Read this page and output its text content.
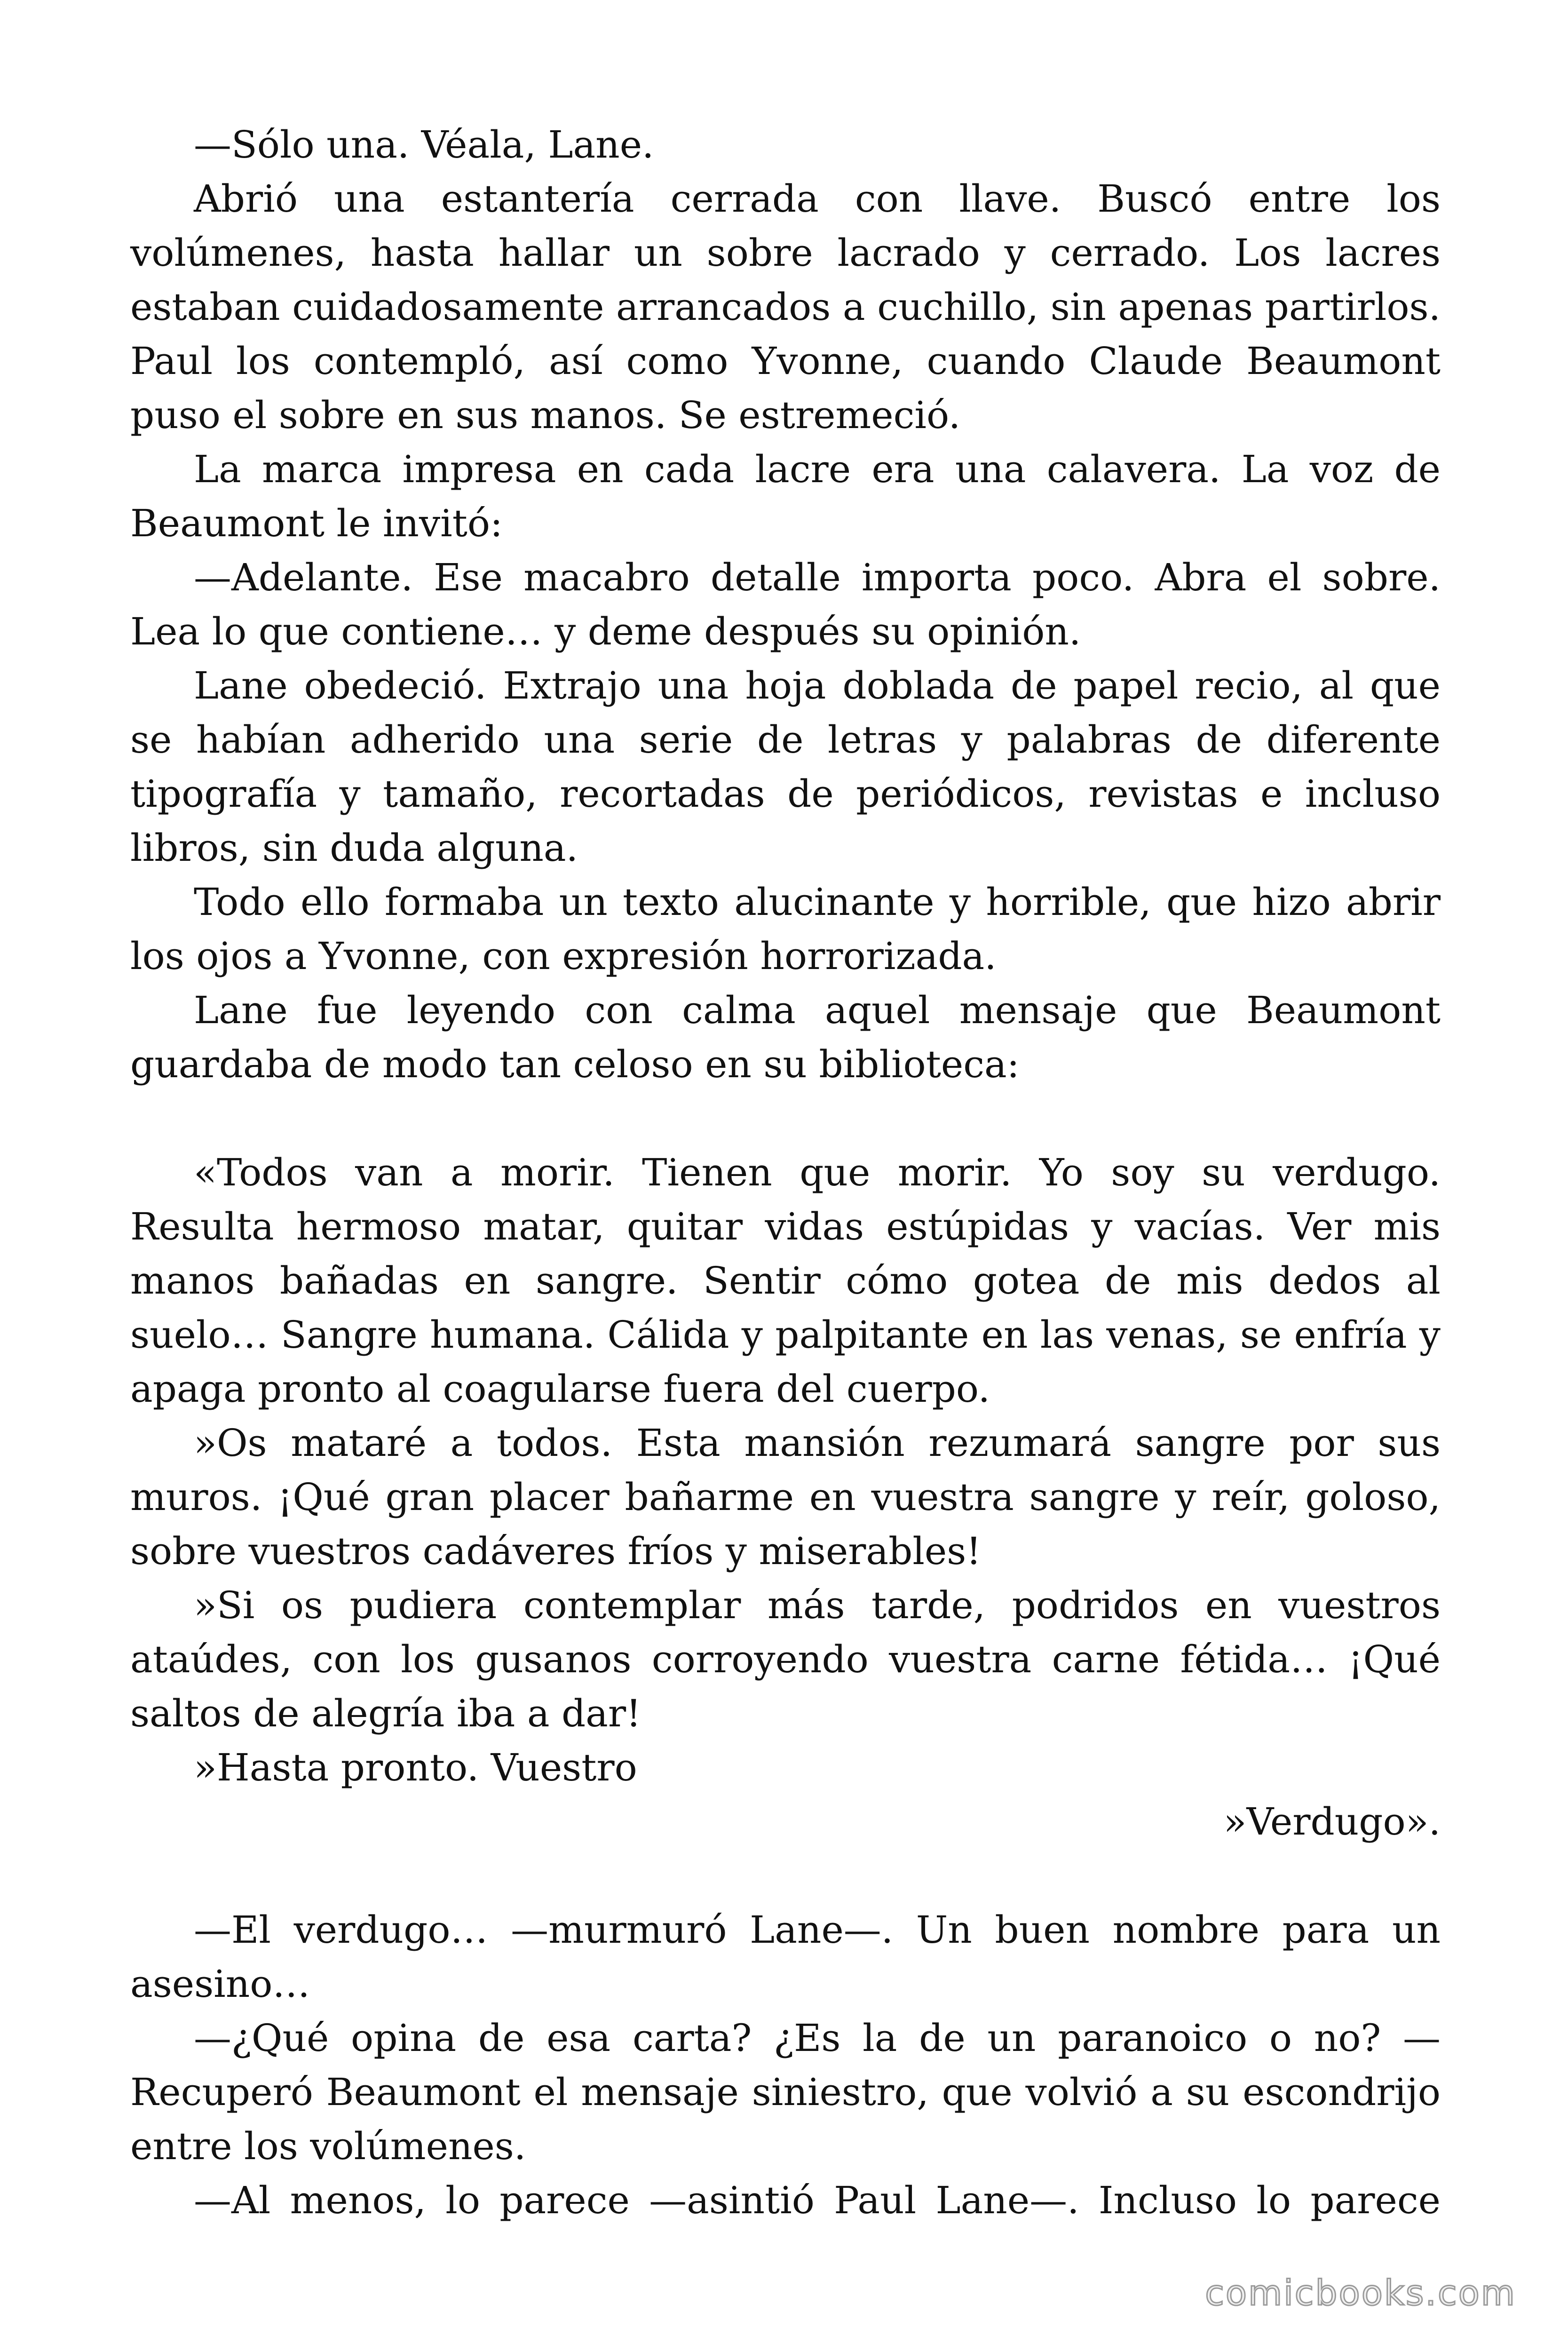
—Sólo una. Véala, Lane.
Abrió una estantería cerrada con llave. Buscó entre los
volúmenes, hasta hallar un sobre lacrado y cerrado. Los lacres
estaban cuidadosamente arrancados a cuchillo, sin apenas partirlos.
Paul los contempló, así como Yvonne, cuando Claude Beaumont
puso el sobre en sus manos. Se estremeció.
La marca impresa en cada lacre era una calavera. La voz de
Beaumont le invitó:
—Adelante. Ese macabro detalle importa poco. Abra el sobre.
Lea lo que contiene… y deme después su opinión.
Lane obedeció. Extrajo una hoja doblada de papel recio, al que
se habían adherido una serie de letras y palabras de diferente
tipografía y tamaño, recortadas de periódicos, revistas e incluso
libros, sin duda alguna.
Todo ello formaba un texto alucinante y horrible, que hizo abrir
los ojos a Yvonne, con expresión horrorizada.
Lane fue leyendo con calma aquel mensaje que Beaumont
guardaba de modo tan celoso en su biblioteca:
«Todos van a morir. Tienen que morir. Yo soy su verdugo.
Resulta hermoso matar, quitar vidas estúpidas y vacías. Ver mis
manos bañadas en sangre. Sentir cómo gotea de mis dedos al
suelo… Sangre humana. Cálida y palpitante en las venas, se enfría y
apaga pronto al coagularse fuera del cuerpo.
»Os mataré a todos. Esta mansión rezumará sangre por sus
muros. ¡Qué gran placer bañarme en vuestra sangre y reír, goloso,
sobre vuestros cadáveres fríos y miserables!
»Si os pudiera contemplar más tarde, podridos en vuestros
ataúdes, con los gusanos corroyendo vuestra carne fétida… ¡Qué
saltos de alegría iba a dar!
»Hasta pronto. Vuestro
»Verdugo».
—El verdugo… —murmuró Lane—. Un buen nombre para un
asesino…
—¿Qué opina de esa carta? ¿Es la de un paranoico o no? —
Recuperó Beaumont el mensaje siniestro, que volvió a su escondrijo
entre los volúmenes.
—Al menos, lo parece —asintió Paul Lane—. Incluso lo parece
comicbooks.com
